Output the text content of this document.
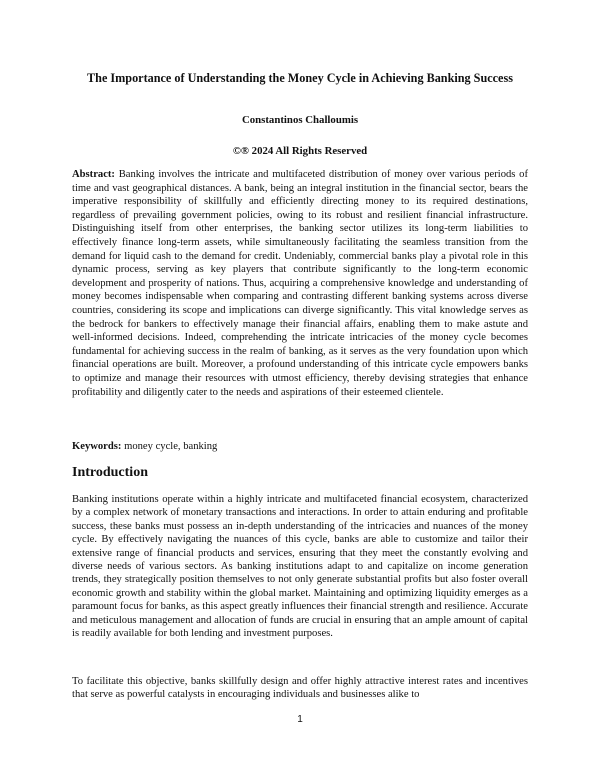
The Importance of Understanding the Money Cycle in Achieving Banking Success
Constantinos Challoumis
©® 2024 All Rights Reserved

Abstract: Banking involves the intricate and multifaceted distribution of money over various periods of time and vast geographical distances. A bank, being an integral institution in the financial sector, bears the imperative responsibility of skillfully and efficiently directing money to its required destinations, regardless of prevailing government policies, owing to its robust and resilient financial infrastructure. Distinguishing itself from other enterprises, the banking sector utilizes its long-term liabilities to effectively finance long-term assets, while simultaneously facilitating the seamless transition from the demand for liquid cash to the demand for credit. Undeniably, commercial banks play a pivotal role in this dynamic process, serving as key players that contribute significantly to the long-term economic development and prosperity of nations. Thus, acquiring a comprehensive knowledge and understanding of money becomes indispensable when comparing and contrasting different banking systems across diverse countries, considering its scope and implications can diverge significantly. This vital knowledge serves as the bedrock for bankers to effectively manage their financial affairs, enabling them to make astute and well-informed decisions. Indeed, comprehending the intricate intricacies of the money cycle becomes fundamental for achieving success in the realm of banking, as it serves as the very foundation upon which financial operations are built. Moreover, a profound understanding of this intricate cycle empowers banks to optimize and manage their resources with utmost efficiency, thereby devising strategies that enhance profitability and diligently cater to the needs and aspirations of their esteemed clientele.

Keywords: money cycle, banking

Introduction

Banking institutions operate within a highly intricate and multifaceted financial ecosystem, characterized by a complex network of monetary transactions and interactions. In order to attain enduring and profitable success, these banks must possess an in-depth understanding of the intricacies and nuances of the money cycle. By effectively navigating the nuances of this cycle, banks are able to customize and tailor their extensive range of financial products and services, ensuring that they meet the constantly evolving and diverse needs of various sectors. As banking institutions adapt to and capitalize on income generation trends, they strategically position themselves to not only generate substantial profits but also foster overall economic growth and stability within the global market. Maintaining and optimizing liquidity emerges as a paramount focus for banks, as this aspect greatly influences their financial strength and resilience. Accurate and meticulous management and allocation of funds are crucial in ensuring that an ample amount of capital is readily available for both lending and investment purposes.

To facilitate this objective, banks skillfully design and offer highly attractive interest rates and incentives that serve as powerful catalysts in encouraging individuals and businesses alike to

1
